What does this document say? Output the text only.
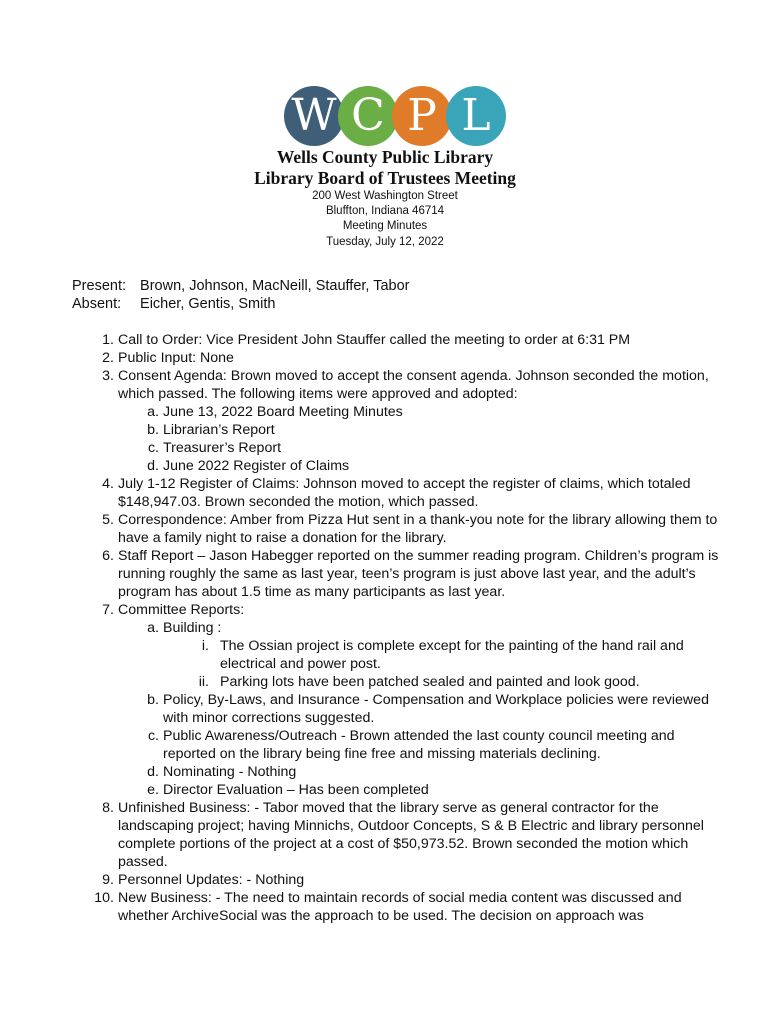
W C P L
Wells County Public Library
Library Board of Trustees Meeting
200 West Washington Street
Bluffton, Indiana 46714
Meeting Minutes
Tuesday, July 12, 2022
Present: Brown, Johnson, MacNeill, Stauffer, Tabor
Absent: Eicher, Gentis, Smith
1. Call to Order: Vice President John Stauffer called the meeting to order at 6:31 PM
2. Public Input: None
3. Consent Agenda: Brown moved to accept the consent agenda. Johnson seconded the motion, which passed. The following items were approved and adopted:
a. June 13, 2022 Board Meeting Minutes
b. Librarian’s Report
c. Treasurer’s Report
d. June 2022 Register of Claims
4. July 1-12 Register of Claims: Johnson moved to accept the register of claims, which totaled $148,947.03. Brown seconded the motion, which passed.
5. Correspondence: Amber from Pizza Hut sent in a thank-you note for the library allowing them to have a family night to raise a donation for the library.
6. Staff Report – Jason Habegger reported on the summer reading program. Children’s program is running roughly the same as last year, teen’s program is just above last year, and the adult’s program has about 1.5 time as many participants as last year.
7. Committee Reports:
a. Building :
i. The Ossian project is complete except for the painting of the hand rail and electrical and power post.
ii. Parking lots have been patched sealed and painted and look good.
b. Policy, By-Laws, and Insurance - Compensation and Workplace policies were reviewed with minor corrections suggested.
c. Public Awareness/Outreach - Brown attended the last county council meeting and reported on the library being fine free and missing materials declining.
d. Nominating - Nothing
e. Director Evaluation – Has been completed
8. Unfinished Business: - Tabor moved that the library serve as general contractor for the landscaping project; having Minnichs, Outdoor Concepts, S & B Electric and library personnel complete portions of the project at a cost of $50,973.52. Brown seconded the motion which passed.
9. Personnel Updates: - Nothing
10. New Business: - The need to maintain records of social media content was discussed and whether ArchiveSocial was the approach to be used. The decision on approach was
